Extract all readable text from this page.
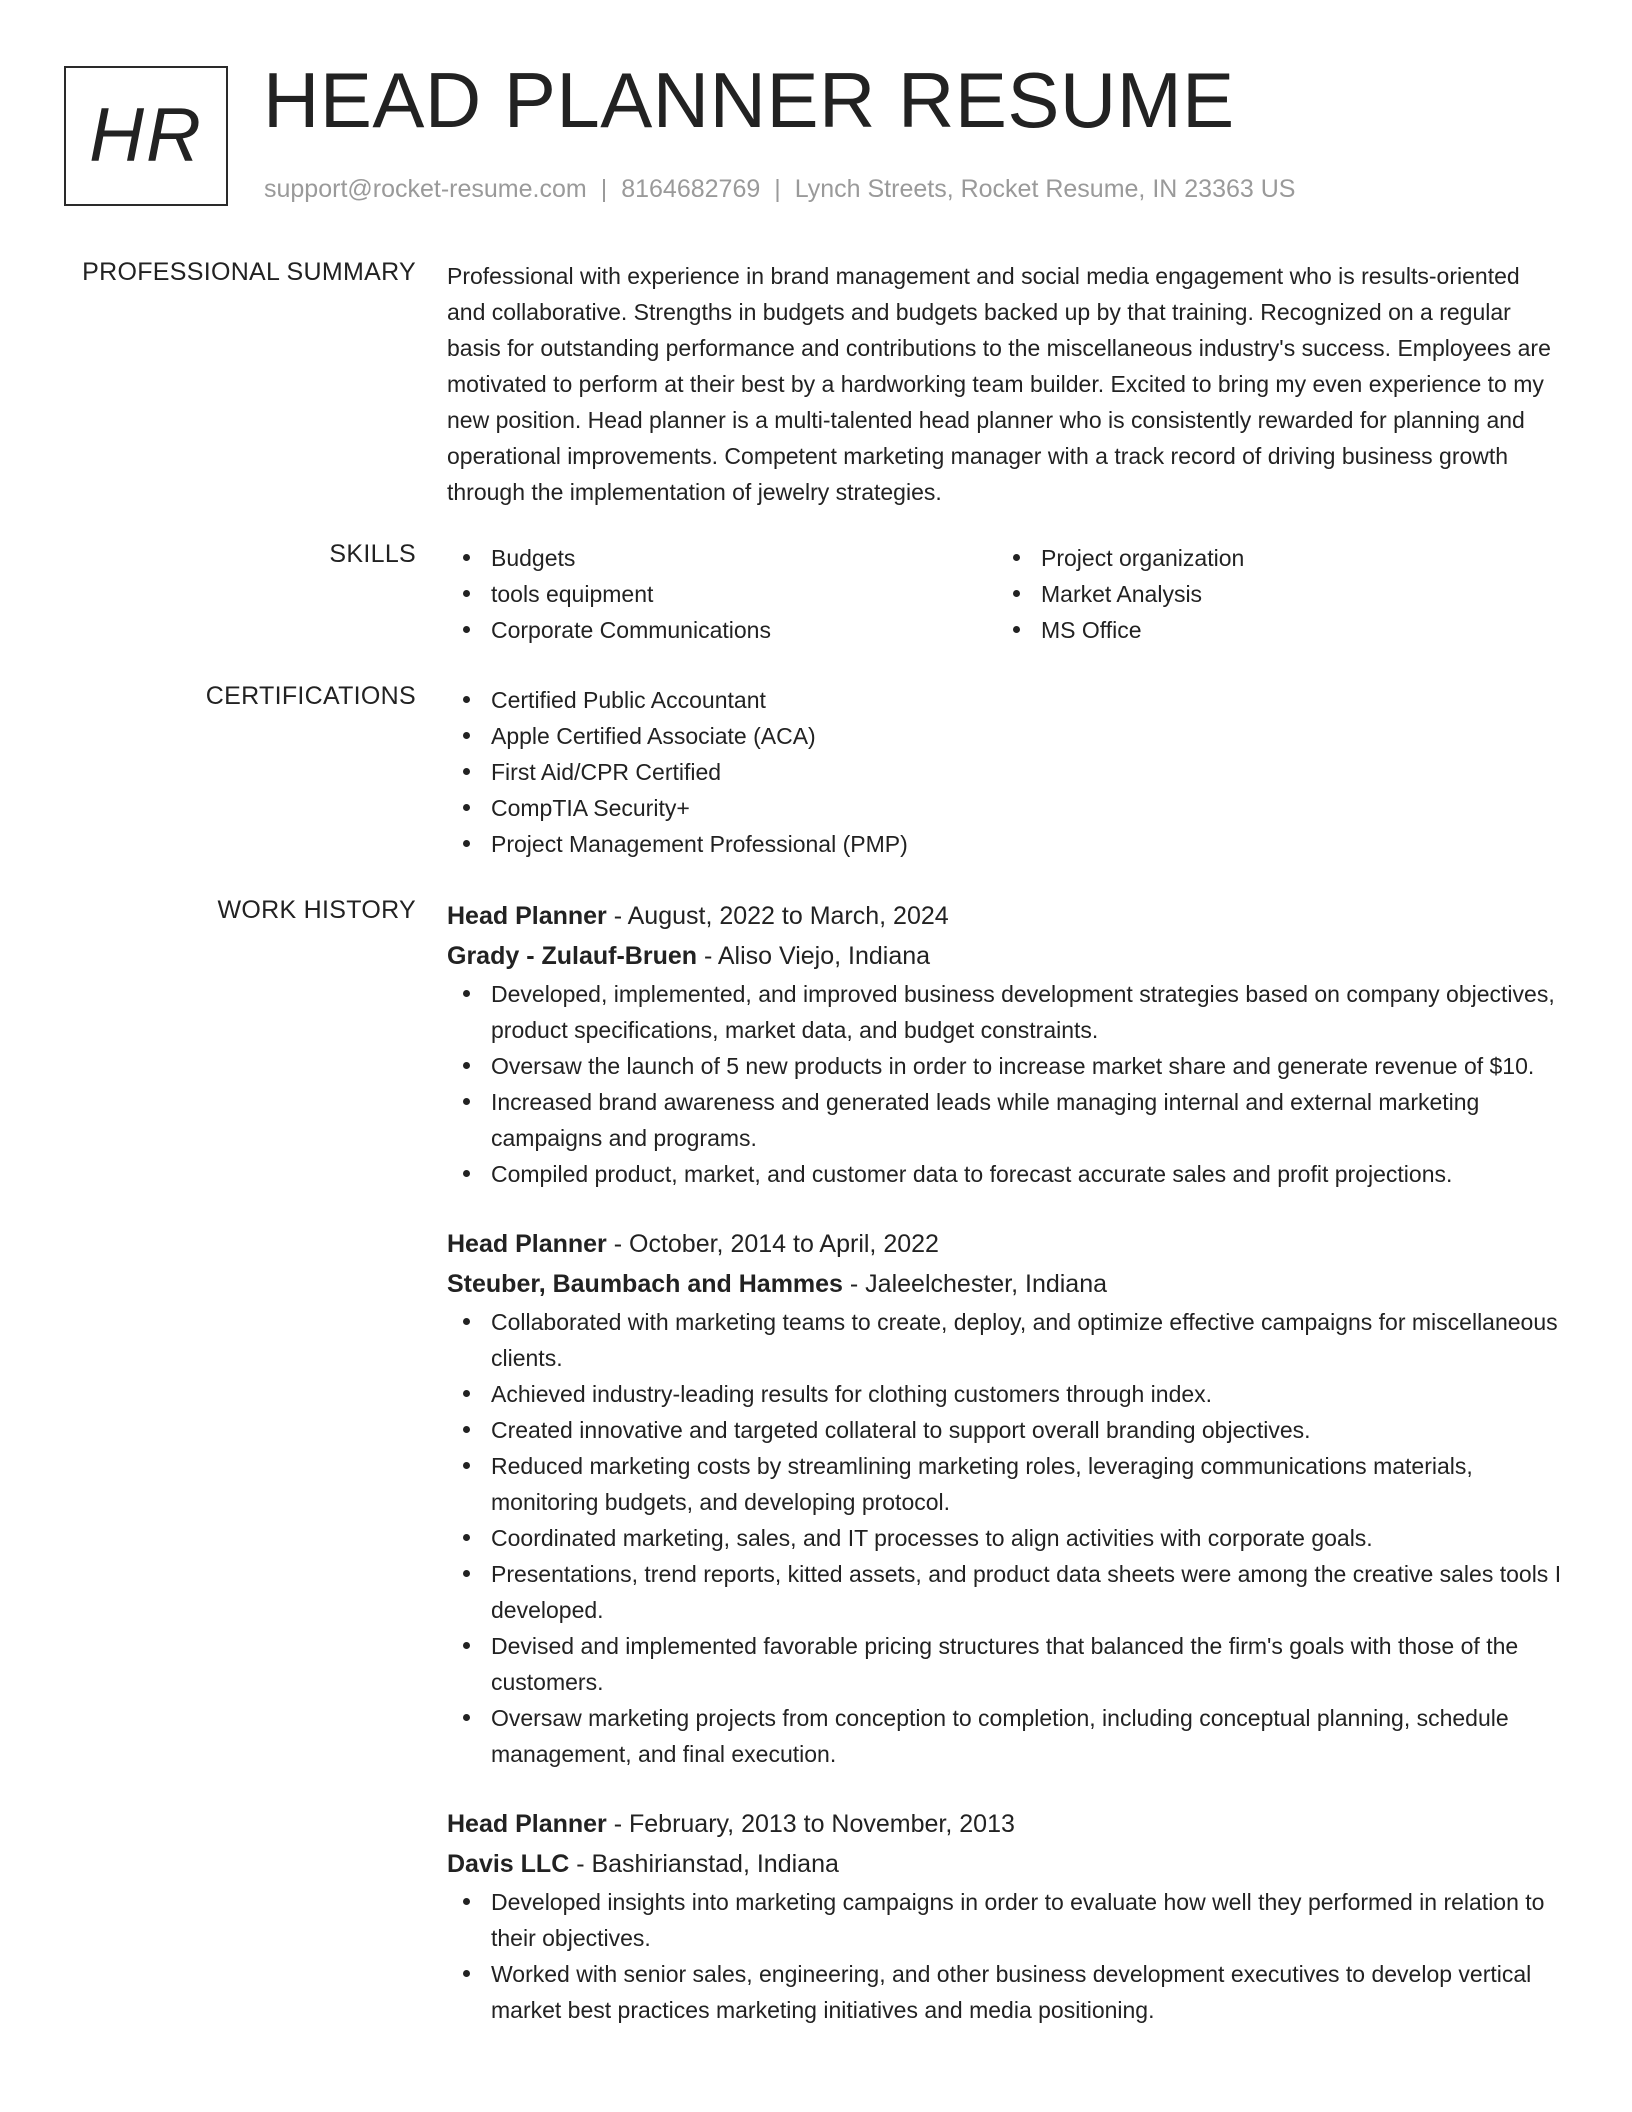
HR HEAD PLANNER RESUME
support@rocket-resume.com | 8164682769 | Lynch Streets, Rocket Resume, IN 23363 US
PROFESSIONAL SUMMARY Professional with experience in brand management and social media engagement who is results-oriented and collaborative. Strengths in budgets and budgets backed up by that training. Recognized on a regular basis for outstanding performance and contributions to the miscellaneous industry's success. Employees are motivated to perform at their best by a hardworking team builder. Excited to bring my even experience to my new position. Head planner is a multi-talented head planner who is consistently rewarded for planning and operational improvements. Competent marketing manager with a track record of driving business growth through the implementation of jewelry strategies.

SKILLS	Budgets
tools equipment
Corporate Communications
Project organization
Market Analysis
MS Office
CERTIFICATIONS	Certified Public Accountant
Apple Certified Associate (ACA)
First Aid/CPR Certified
CompTIA Security+
Project Management Professional (PMP)
WORK HISTORY Head Planner - August, 2022 to March, 2024
Grady - Zulauf-Bruen - Aliso Viejo, Indiana
Developed, implemented, and improved business development strategies based on company objectives, product specifications, market data, and budget constraints.
Oversaw the launch of 5 new products in order to increase market share and generate revenue of $10.
Increased brand awareness and generated leads while managing internal and external marketing campaigns and programs.
Compiled product, market, and customer data to forecast accurate sales and profit projections.
Head Planner - October, 2014 to April, 2022
Steuber, Baumbach and Hammes - Jaleelchester, Indiana
Collaborated with marketing teams to create, deploy, and optimize effective campaigns for miscellaneous clients.
Achieved industry-leading results for clothing customers through index.
Created innovative and targeted collateral to support overall branding objectives.
Reduced marketing costs by streamlining marketing roles, leveraging communications materials, monitoring budgets, and developing protocol.
Coordinated marketing, sales, and IT processes to align activities with corporate goals.
Presentations, trend reports, kitted assets, and product data sheets were among the creative sales tools I developed.
Devised and implemented favorable pricing structures that balanced the firm's goals with those of the customers.
Oversaw marketing projects from conception to completion, including conceptual planning, schedule management, and final execution.
Head Planner - February, 2013 to November, 2013
Davis LLC - Bashirianstad, Indiana
Developed insights into marketing campaigns in order to evaluate how well they performed in relation to their objectives.
Worked with senior sales, engineering, and other business development executives to develop vertical market best practices marketing initiatives and media positioning.
